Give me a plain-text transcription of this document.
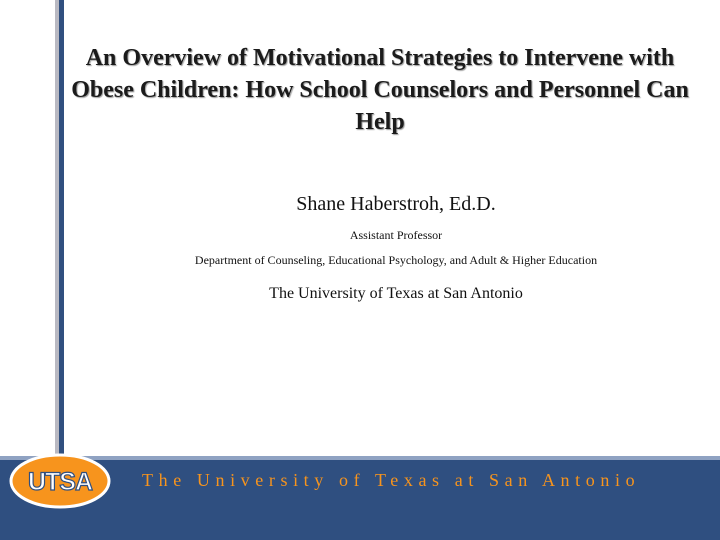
An Overview of Motivational Strategies to Intervene with Obese Children: How School Counselors and Personnel Can Help
Shane Haberstroh, Ed.D.
Assistant Professor
Department of Counseling, Educational Psychology, and Adult & Higher Education
The University of Texas at San Antonio
UTSA	The University of Texas at San Antonio
